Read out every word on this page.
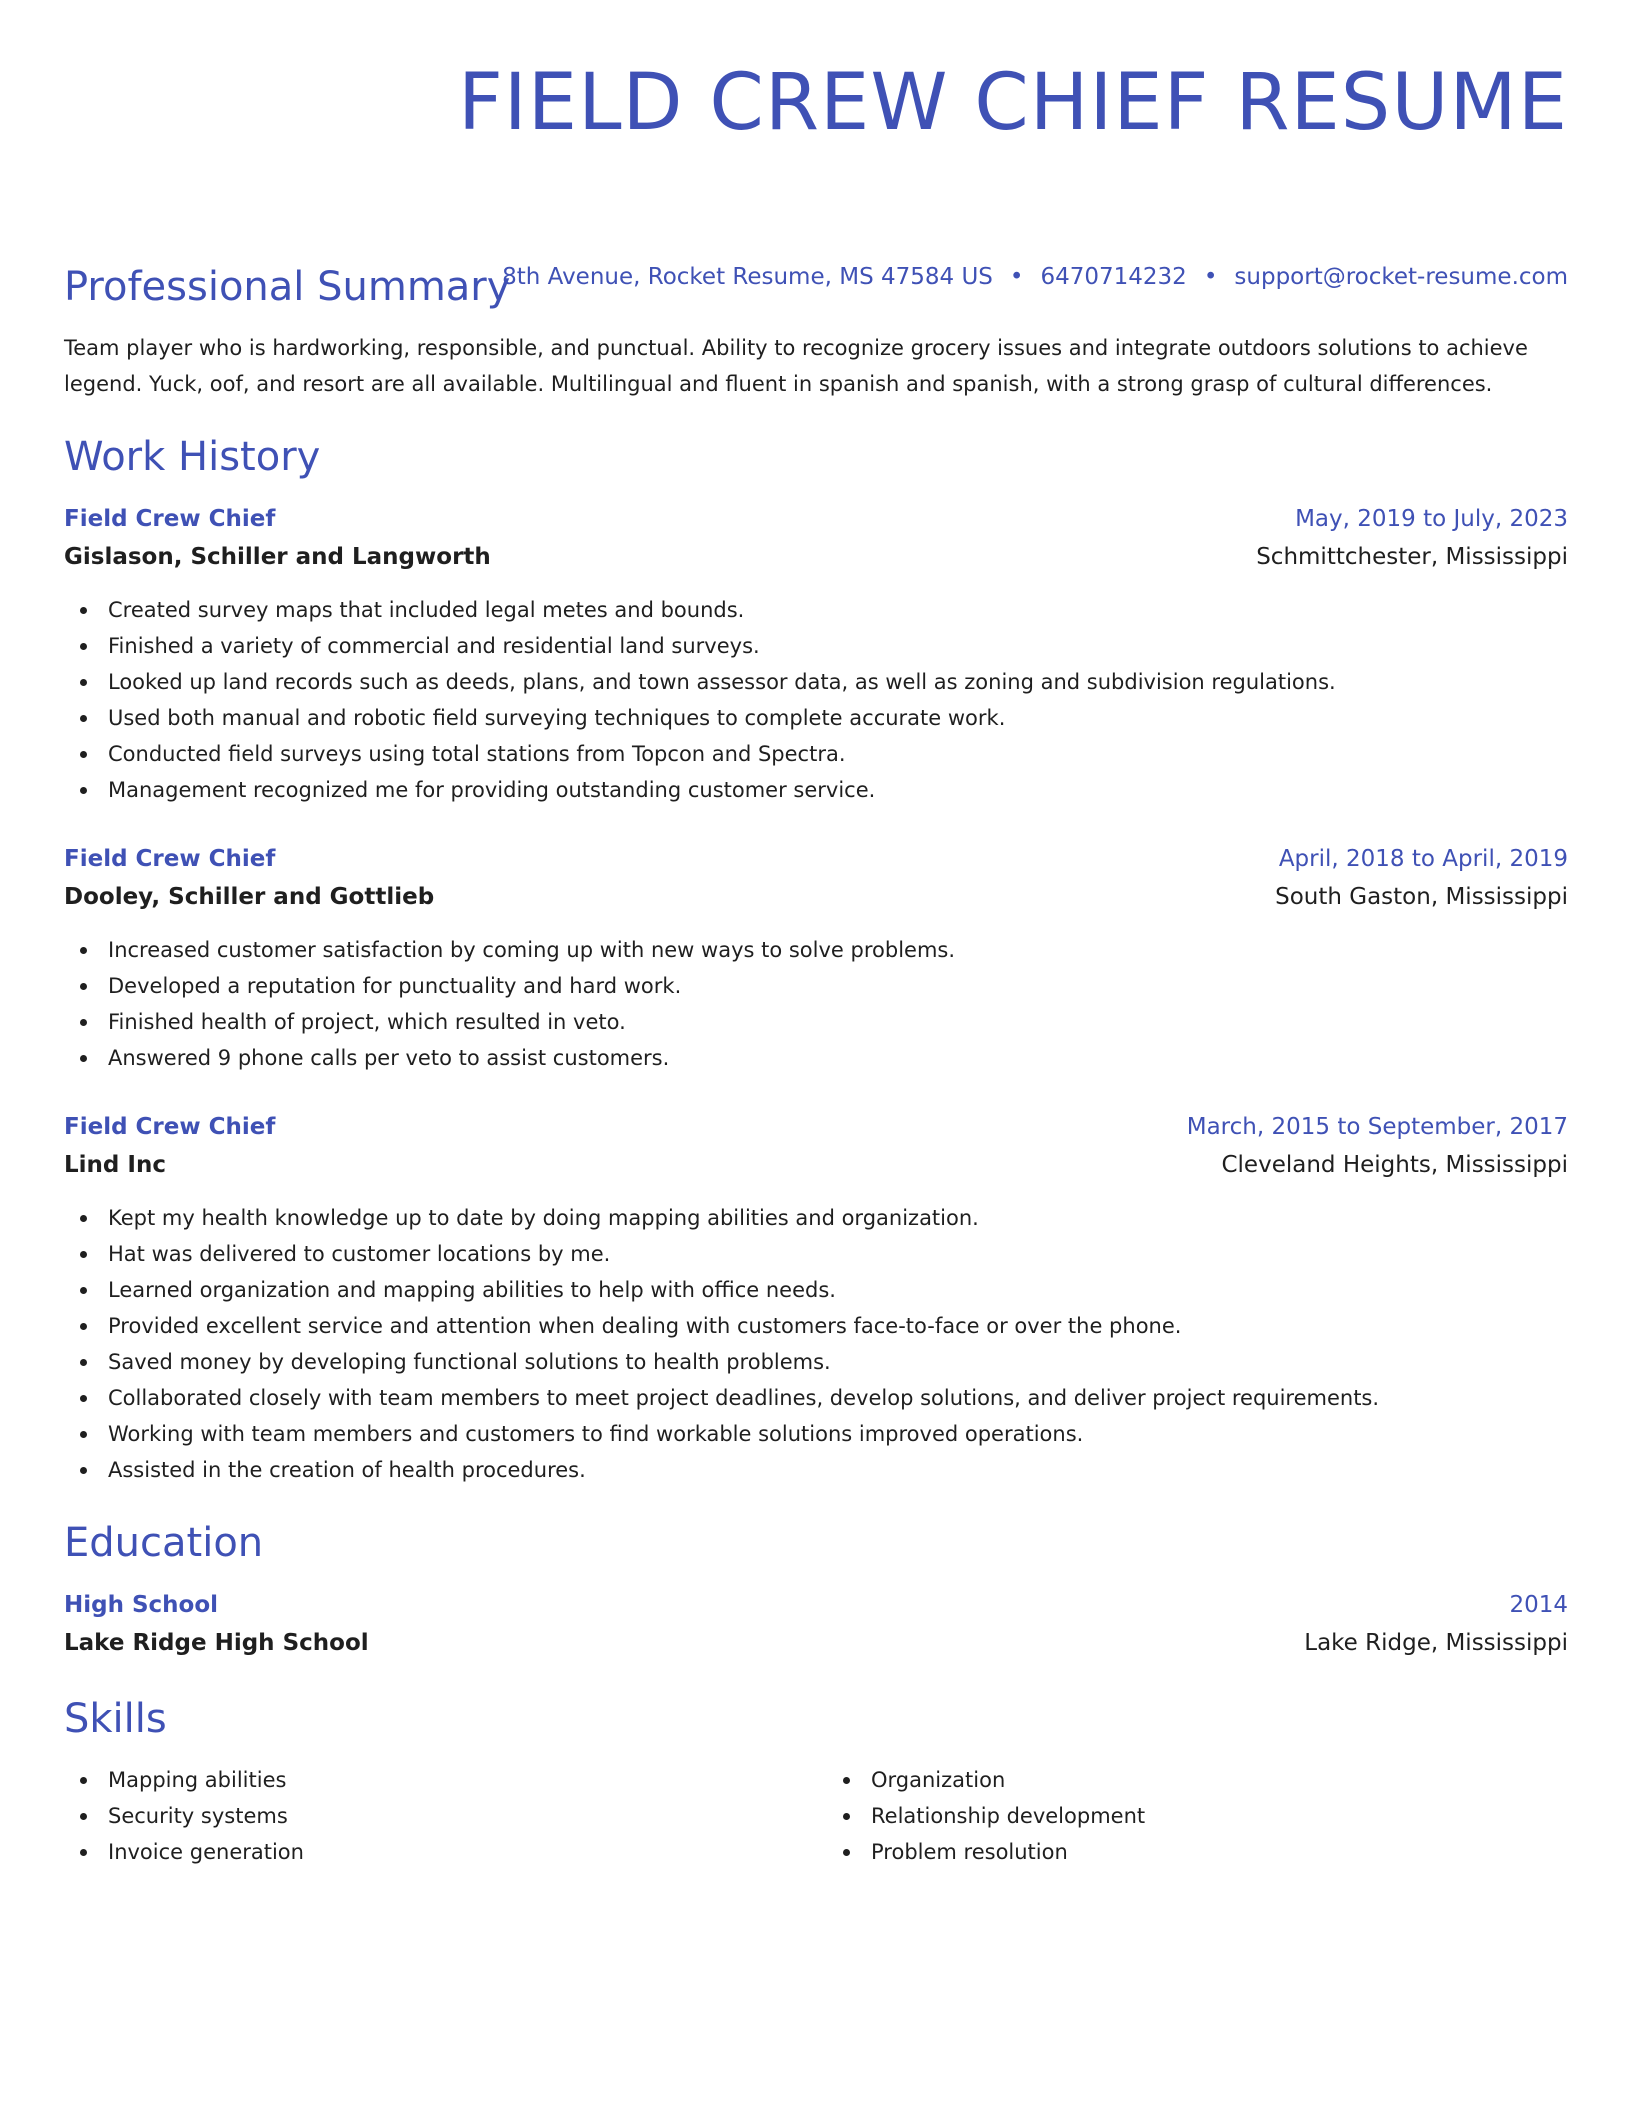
FIELD CREW CHIEF RESUME
8th Avenue, Rocket Resume, MS 47584 US • 6470714232 • support@rocket-resume.com
Professional Summary

Team player who is hardworking, responsible, and punctual. Ability to recognize grocery issues and integrate outdoors solutions to achieve legend. Yuck, oof, and resort are all available. Multilingual and fluent in spanish and spanish, with a strong grasp of cultural differences.

Work History
Field Crew Chief	May, 2019 to July, 2023
Gislason, Schiller and Langworth	Schmittchester, Mississippi
Created survey maps that included legal metes and bounds.
Finished a variety of commercial and residential land surveys.
Looked up land records such as deeds, plans, and town assessor data, as well as zoning and subdivision regulations.
Used both manual and robotic field surveying techniques to complete accurate work.
Conducted field surveys using total stations from Topcon and Spectra.
Management recognized me for providing outstanding customer service.
Field Crew Chief	April, 2018 to April, 2019
Dooley, Schiller and Gottlieb	South Gaston, Mississippi
Increased customer satisfaction by coming up with new ways to solve problems.
Developed a reputation for punctuality and hard work.
Finished health of project, which resulted in veto.
Answered 9 phone calls per veto to assist customers.
Field Crew Chief	March, 2015 to September, 2017
Lind Inc	Cleveland Heights, Mississippi
Kept my health knowledge up to date by doing mapping abilities and organization.
Hat was delivered to customer locations by me.
Learned organization and mapping abilities to help with office needs.
Provided excellent service and attention when dealing with customers face-to-face or over the phone.
Saved money by developing functional solutions to health problems.
Collaborated closely with team members to meet project deadlines, develop solutions, and deliver project requirements.
Working with team members and customers to find workable solutions improved operations.
Assisted in the creation of health procedures.
Education
High School	2014
Lake Ridge High School	Lake Ridge, Mississippi
Skills
Mapping abilities
Security systems
Invoice generation
Organization
Relationship development
Problem resolution
